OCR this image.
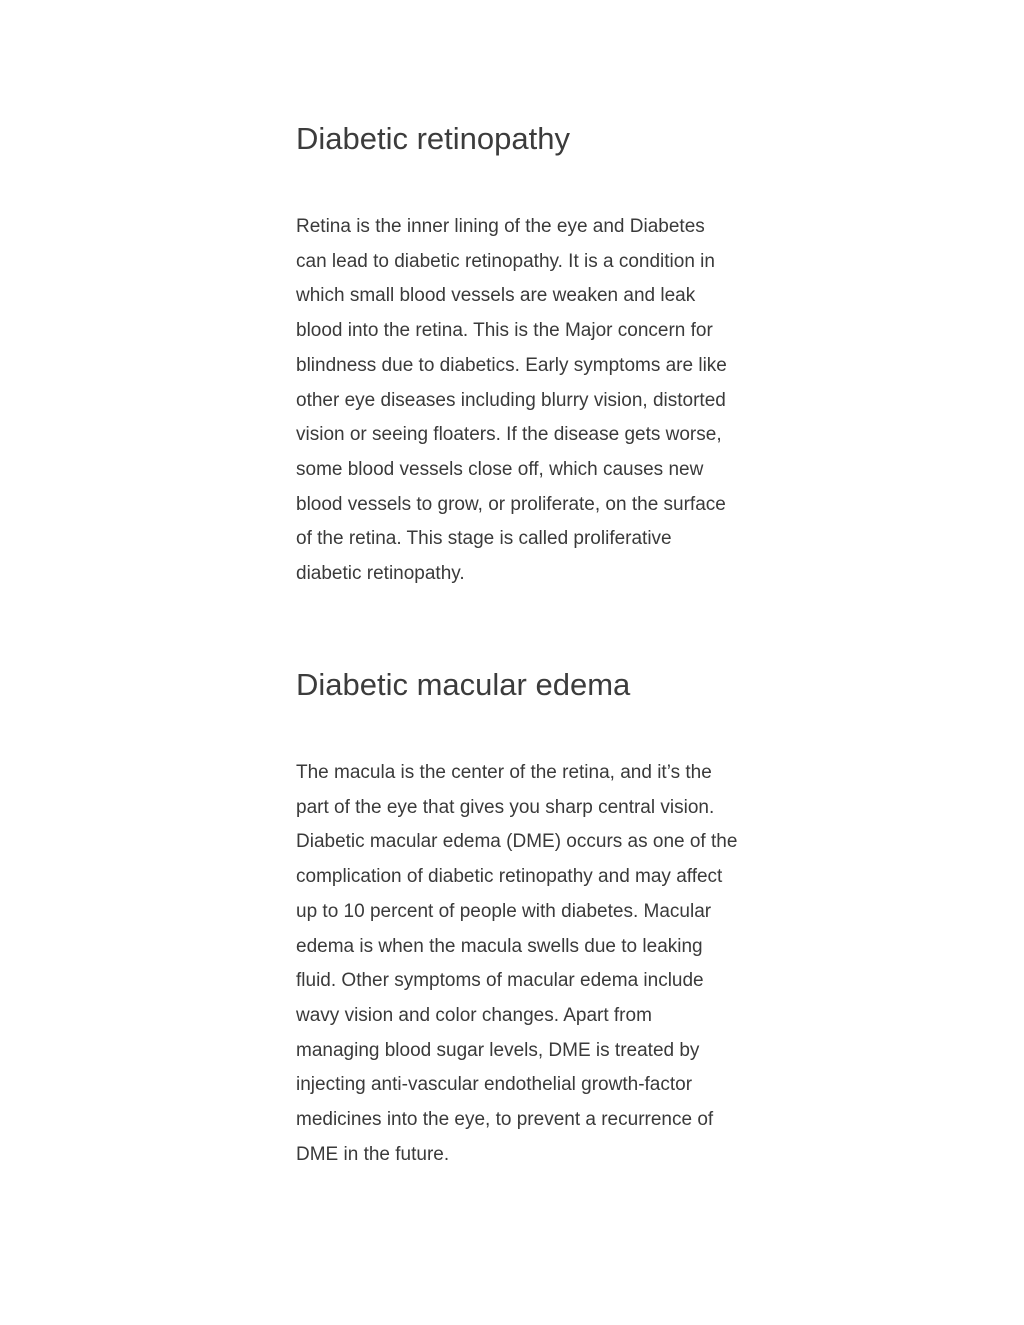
Diabetic retinopathy
Retina is the inner lining of the eye and Diabetes
can lead to diabetic retinopathy. It is a condition in
which small blood vessels are weaken and leak
blood into the retina. This is the Major concern for
blindness due to diabetics. Early symptoms are like
other eye diseases including blurry vision, distorted
vision or seeing floaters. If the disease gets worse,
some blood vessels close off, which causes new
blood vessels to grow, or proliferate, on the surface
of the retina. This stage is called proliferative
diabetic retinopathy.
Diabetic macular edema
The macula is the center of the retina, and it’s the
part of the eye that gives you sharp central vision.
Diabetic macular edema (DME) occurs as one of the
complication of diabetic retinopathy and may affect
up to 10 percent of people with diabetes. Macular
edema is when the macula swells due to leaking
fluid. Other symptoms of macular edema include
wavy vision and color changes. Apart from
managing blood sugar levels, DME is treated by
injecting anti-vascular endothelial growth-factor
medicines into the eye, to prevent a recurrence of
DME in the future.
